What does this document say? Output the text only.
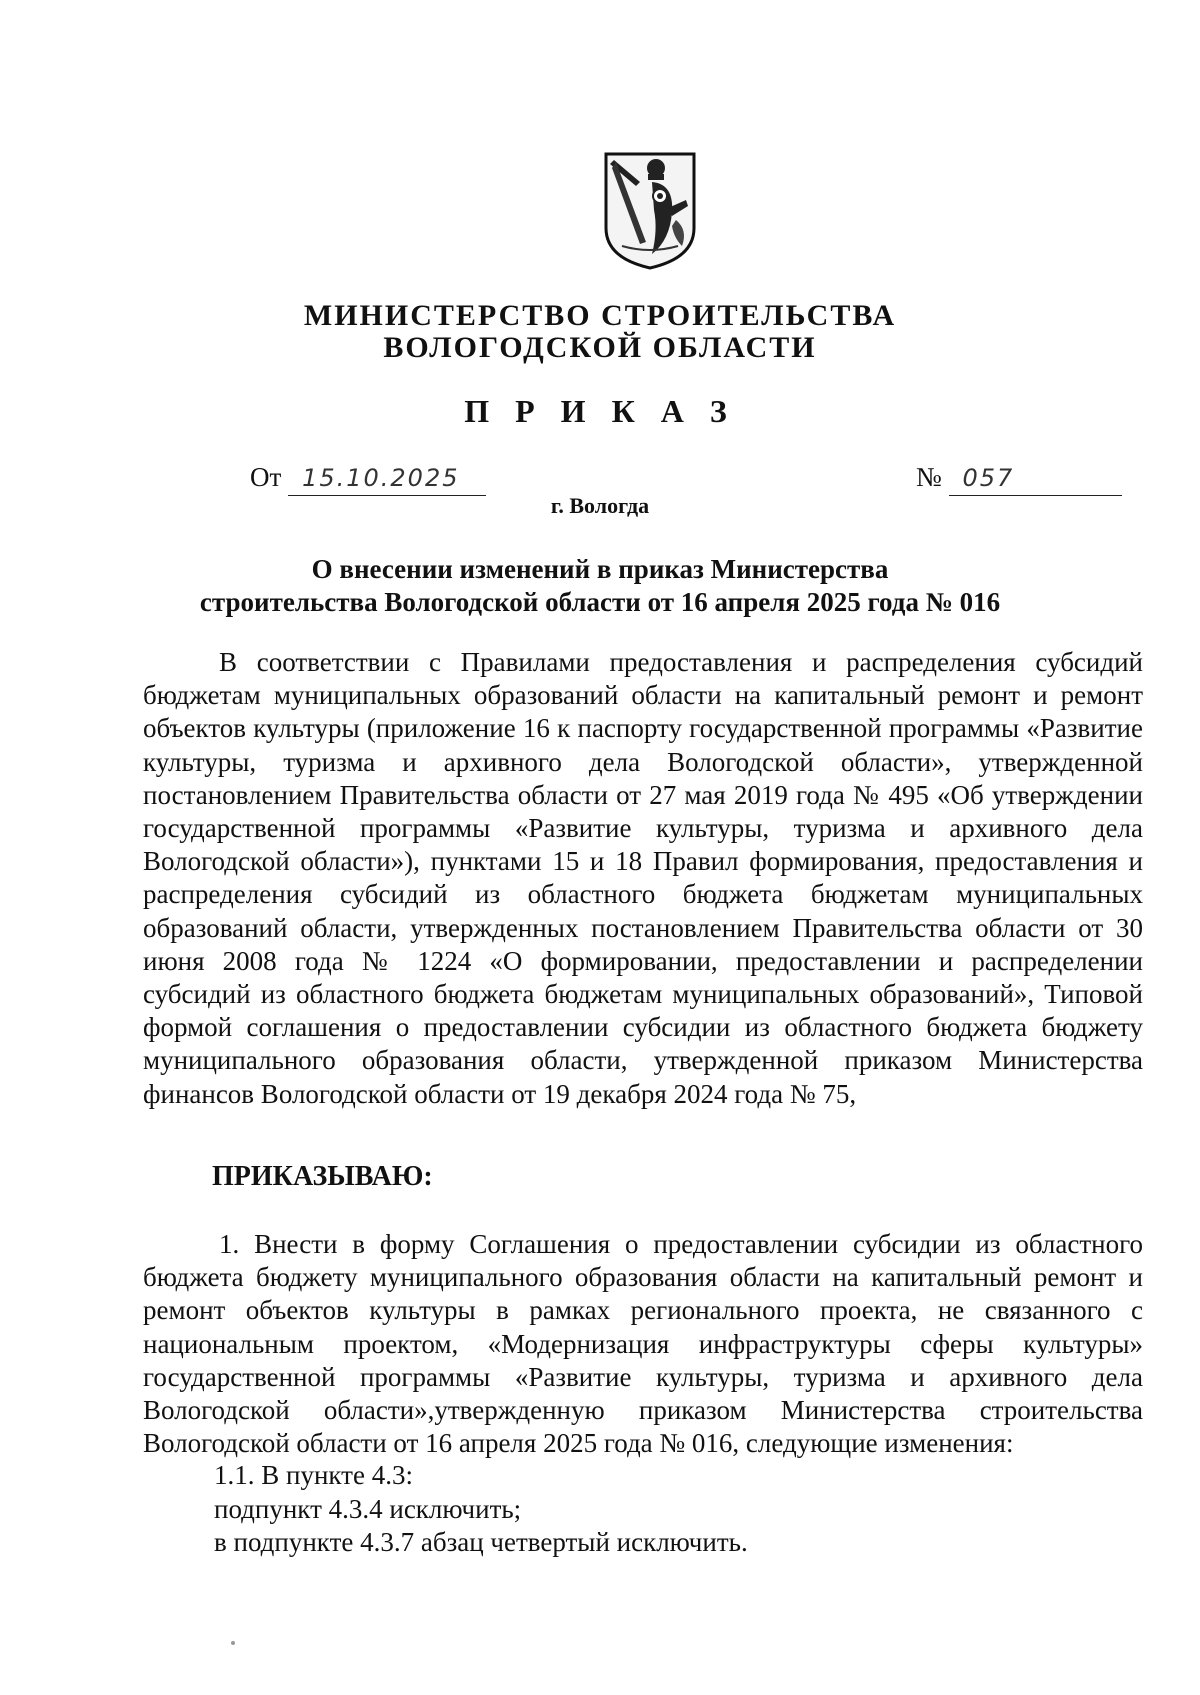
МИНИСТЕРСТВО СТРОИТЕЛЬСТВА
ВОЛОГОДСКОЙ ОБЛАСТИ
П Р И К А З
От 15.10.2025	№ 057
г. Вологда
О внесении изменений в приказ Министерства
строительства Вологодской области от 16 апреля 2025 года № 016
В соответствии с Правилами предоставления и распределения субсидий бюджетам муниципальных образований области на капитальный ремонт и ремонт объектов культуры (приложение 16 к паспорту государственной программы «Развитие культуры, туризма и архивного дела Вологодской области», утвержденной постановлением Правительства области от 27 мая 2019 года № 495 «Об утверждении государственной программы «Развитие культуры, туризма и архивного дела Вологодской области»), пунктами 15 и 18 Правил формирования, предоставления и распределения субсидий из областного бюджета бюджетам муниципальных образований области, утвержденных постановлением Правительства области от 30 июня 2008 года № 1224 «О формировании, предоставлении и распределении субсидий из областного бюджета бюджетам муниципальных образований», Типовой формой соглашения о предоставлении субсидии из областного бюджета бюджету муниципального образования области, утвержденной приказом Министерства финансов Вологодской области от 19 декабря 2024 года № 75,
ПРИКАЗЫВАЮ:
1. Внести в форму Соглашения о предоставлении субсидии из областного бюджета бюджету муниципального образования области на капитальный ремонт и ремонт объектов культуры в рамках регионального проекта, не связанного с национальным проектом, «Модернизация инфраструктуры сферы культуры» государственной программы «Развитие культуры, туризма и архивного дела Вологодской области»,утвержденную приказом Министерства строительства Вологодской области от 16 апреля 2025 года № 016, следующие изменения:
1.1. В пункте 4.3:
подпункт 4.3.4 исключить;
в подпункте 4.3.7 абзац четвертый исключить.
